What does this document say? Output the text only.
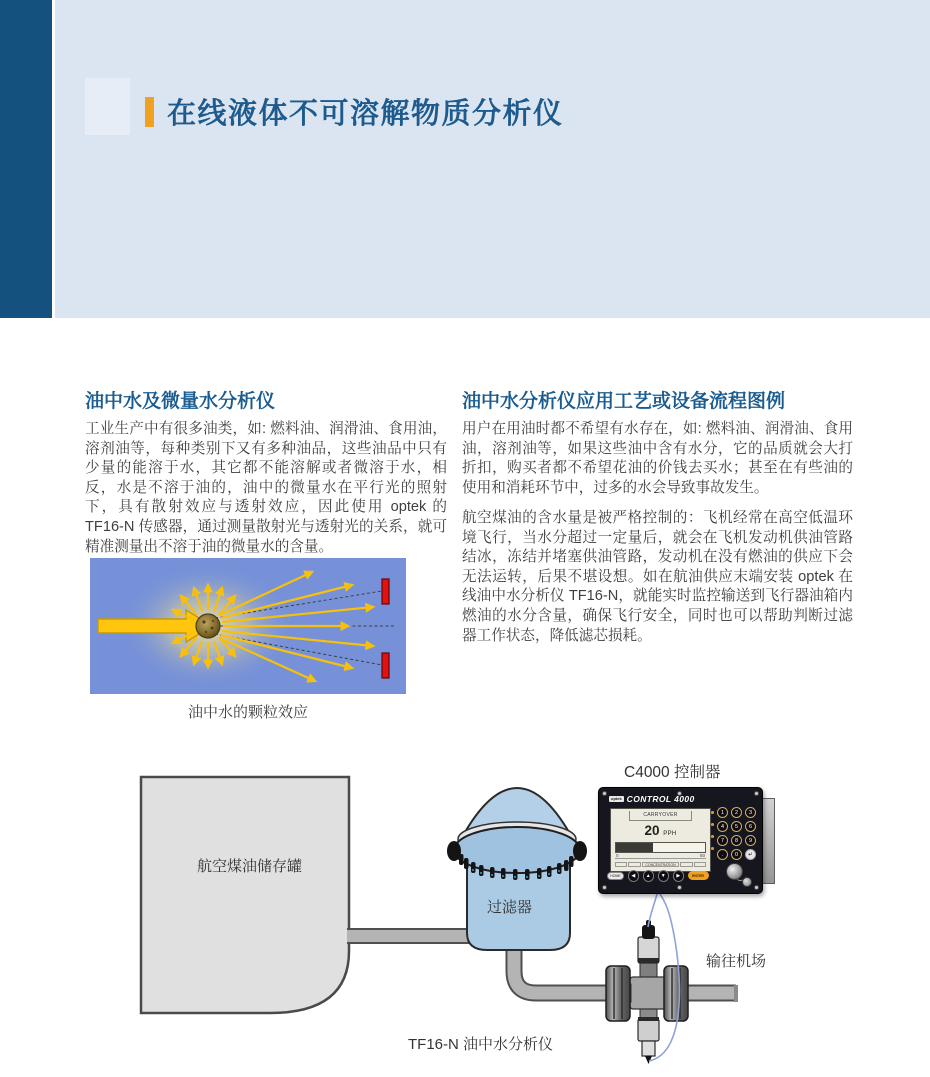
在线液体不可溶解物质分析仪
油中水及微量水分析仪
工业生产中有很多油类，如: 燃料油、润滑油、食用油，溶剂油等，每种类别下又有多种油品，这些油品中只有少量的能溶于水，其它都不能溶解或者微溶于水，相反，水是不溶于油的，油中的微量水在平行光的照射下，具有散射效应与透射效应，因此使用 optek 的 TF16-N 传感器，通过测量散射光与透射光的关系，就可精准测量出不溶于油的微量水的含量。
油中水的颗粒效应
油中水分析仪应用工艺或设备流程图例
用户在用油时都不希望有水存在，如: 燃料油、润滑油、食用油，溶剂油等，如果这些油中含有水分，它的品质就会大打折扣，购买者都不希望花油的价钱去买水；甚至在有些油的使用和消耗环节中，过多的水会导致事故发生。
航空煤油的含水量是被严格控制的：飞机经常在高空低温环境飞行，当水分超过一定量后，就会在飞机发动机供油管路结冰，冻结并堵塞供油管路，发动机在没有燃油的供应下会无法运转，后果不堪设想。如在航油供应末端安装 optek 在线油中水分析仪 TF16-N，就能实时监控输送到飞行器油箱内燃油的水分含量，确保飞行安全，同时也可以帮助判断过滤器工作状态，降低滤芯损耗。
C4000 控制器
航空煤油储存罐
过滤器
输往机场
TF16-N 油中水分析仪
optek CONTROL 4000
CARRYOVER
20 PPH
0	50
CONCENTRATION
1	2	3
4	5	6
7	8	9
.	0	↵
HOME	◀	▲	▼	▶	ENTER
